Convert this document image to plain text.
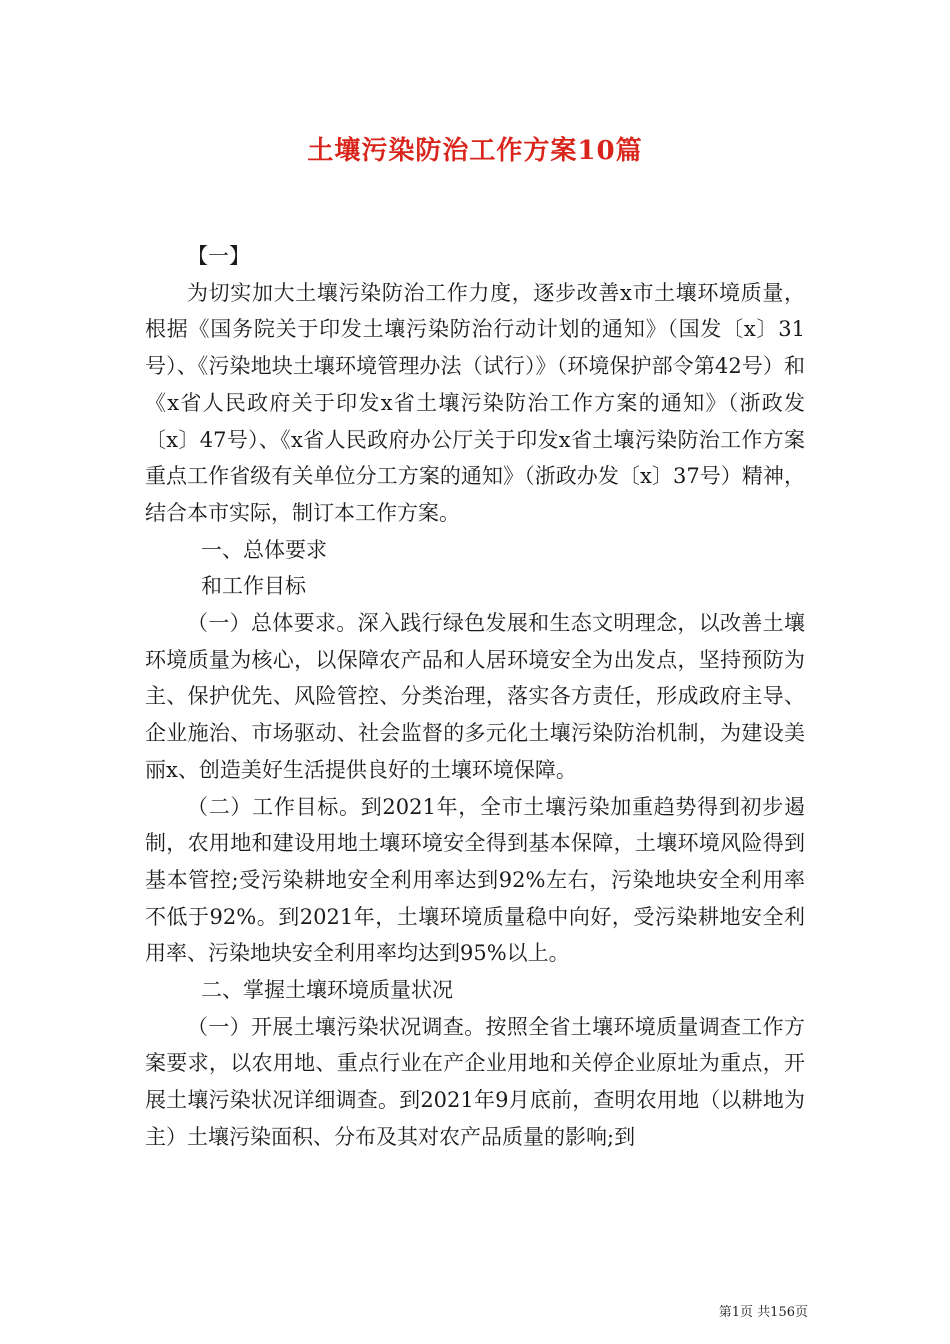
土壤污染防治工作方案10篇

【一】

为切实加大土壤污染防治工作力度，逐步改善x市土壤环境质量，根据《国务院关于印发土壤污染防治行动计划的通知》（国发〔x〕31号）、《污染地块土壤环境管理办法（试行）》（环境保护部令第42号）和《x省人民政府关于印发x省土壤污染防治工作方案的通知》（浙政发〔x〕47号）、《x省人民政府办公厅关于印发x省土壤污染防治工作方案重点工作省级有关单位分工方案的通知》（浙政办发〔x〕37号）精神，结合本市实际，制订本工作方案。

一、总体要求

和工作目标

（一）总体要求。深入践行绿色发展和生态文明理念，以改善土壤环境质量为核心，以保障农产品和人居环境安全为出发点，坚持预防为主、保护优先、风险管控、分类治理，落实各方责任，形成政府主导、企业施治、市场驱动、社会监督的多元化土壤污染防治机制，为建设美丽x、创造美好生活提供良好的土壤环境保障。

（二）工作目标。到2021年，全市土壤污染加重趋势得到初步遏制，农用地和建设用地土壤环境安全得到基本保障，土壤环境风险得到基本管控;受污染耕地安全利用率达到92%左右，污染地块安全利用率不低于92%。到2021年，土壤环境质量稳中向好，受污染耕地安全利用率、污染地块安全利用率均达到95%以上。

二、掌握土壤环境质量状况

（一）开展土壤污染状况调查。按照全省土壤环境质量调查工作方案要求，以农用地、重点行业在产企业用地和关停企业原址为重点，开展土壤污染状况详细调查。到2021年9月底前，查明农用地（以耕地为主）土壤污染面积、分布及其对农产品质量的影响;到

第1页 共156页
